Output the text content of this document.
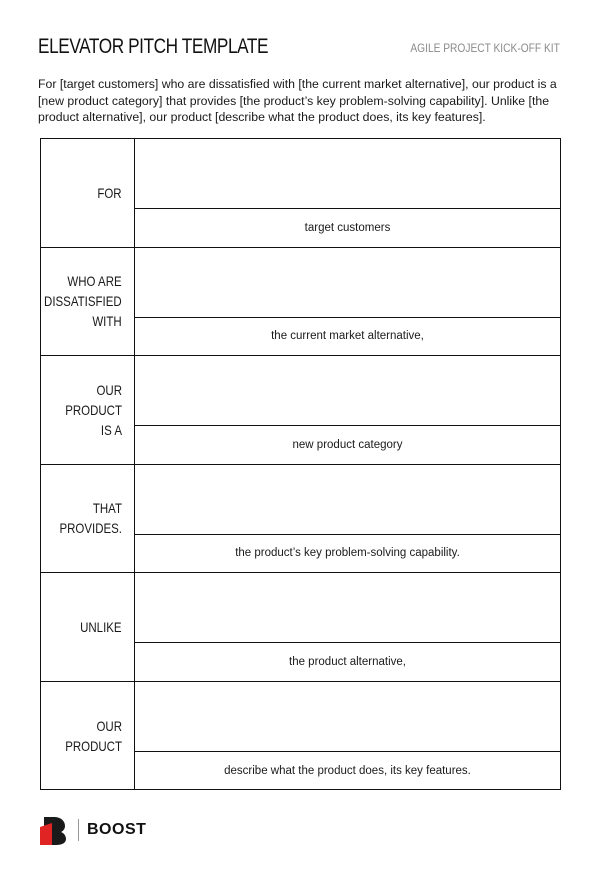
ELEVATOR PITCH TEMPLATE	AGILE PROJECT KICK-OFF KIT
For [target customers] who are dissatisfied with [the current market alternative], our product is a [new product category] that provides [the product’s key problem-solving capability]. Unlike [the product alternative], our product [describe what the product does, its key features].
FOR
target customers
WHO ARE
DISSATISFIED
WITH
the current market alternative,
OUR PRODUCT
IS A
new product category
THAT PROVIDES.
the product’s key problem-solving capability.
UNLIKE
the product alternative,
OUR PRODUCT
describe what the product does, its key features.
BOOST
